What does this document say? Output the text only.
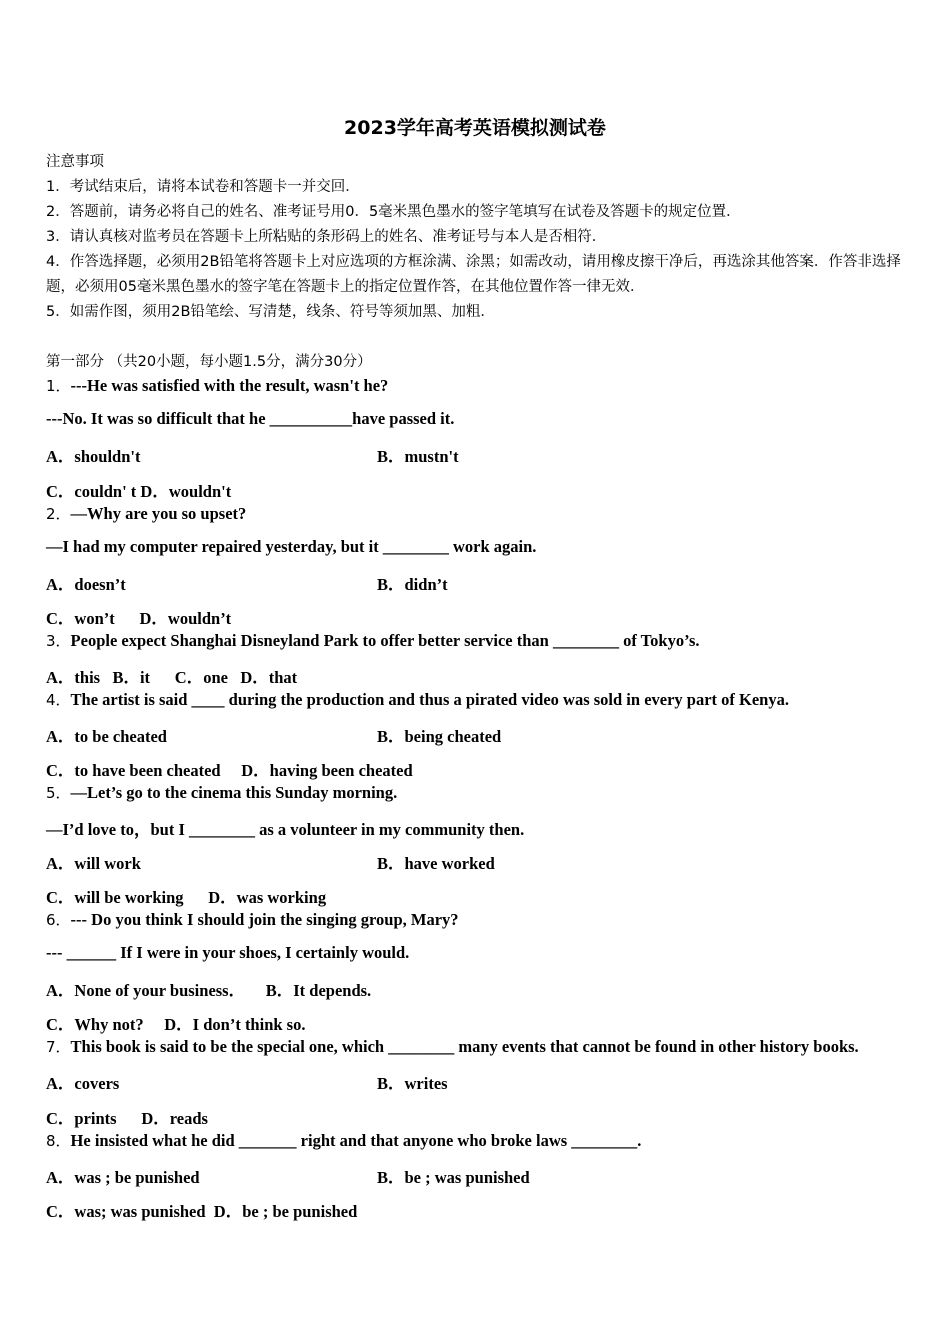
2023学年高考英语模拟测试卷
注意事项
1．考试结束后，请将本试卷和答题卡一并交回．
2．答题前，请务必将自己的姓名、准考证号用0．5毫米黑色墨水的签字笔填写在试卷及答题卡的规定位置．
3．请认真核对监考员在答题卡上所粘贴的条形码上的姓名、准考证号与本人是否相符．
4．作答选择题，必须用2B铅笔将答题卡上对应选项的方框涂满、涂黑；如需改动，请用橡皮擦干净后，再选涂其他答案．作答非选择题，必须用05毫米黑色墨水的签字笔在答题卡上的指定位置作答，在其他位置作答一律无效．
5．如需作图，须用2B铅笔绘、写清楚，线条、符号等须加黑、加粗．
第一部分 （共20小题，每小题1.5分，满分30分）
1．---He was satisfied with the result, wasn't he?
---No. It was so difficult that he __________have passed it.
A．shouldn't	B．mustn't
C．couldn' t D．wouldn't
2．—Why are you so upset?
—I had my computer repaired yesterday, but it ________ work again.
A．doesn’t	B．didn’t
C．won’t      D．wouldn’t
3．People expect Shanghai Disneyland Park to offer better service than ________ of Tokyo’s.
A．this   B．it      C．one   D．that
4．The artist is said ____ during the production and thus a pirated video was sold in every part of Kenya.
A．to be cheated	B．being cheated
C．to have been cheated     D．having been cheated
5．—Let’s go to the cinema this Sunday morning.
—I’d love to，but I ________ as a volunteer in my community then.
A．will work	B．have worked
C．will be working      D．was working
6．--- Do you think I should join the singing group, Mary?
--- ______ If I were in your shoes, I certainly would.
A．None of your business．     B．It depends.
C．Why not?     D．I don’t think so.
7．This book is said to be the special one, which ________ many events that cannot be found in other history books.
A．covers	B．writes
C．prints      D．reads
8．He insisted what he did _______ right and that anyone who broke laws ________.
A．was ; be punished	B．be ; was punished
C．was; was punished  D．be ; be punished
